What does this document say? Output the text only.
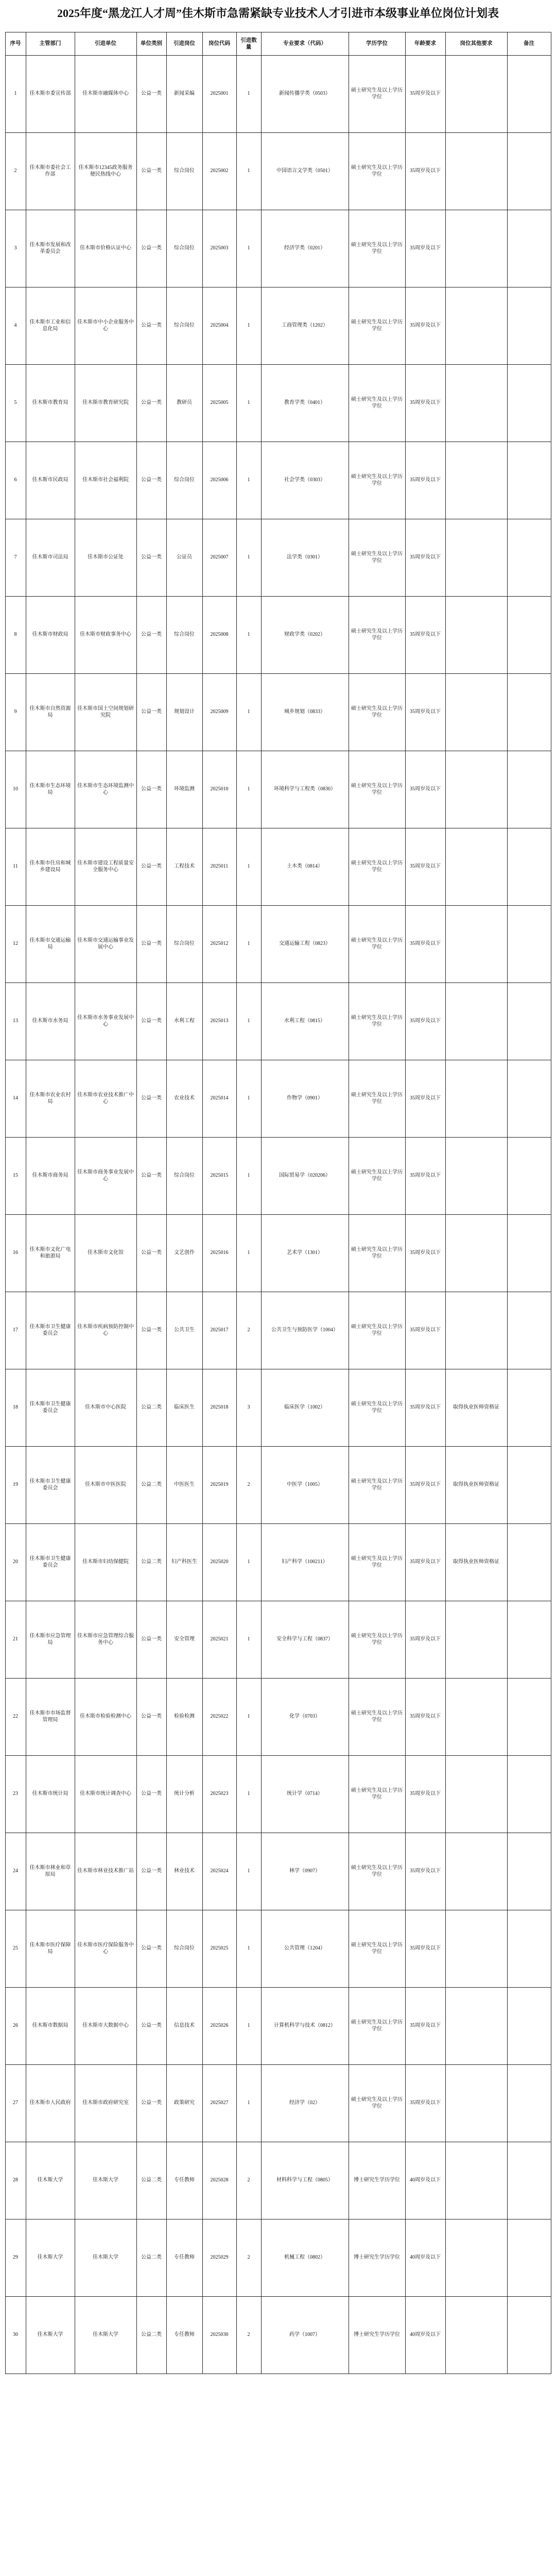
2025年度“黑龙江人才周”佳木斯市急需紧缺专业技术人才引进市本级事业单位岗位计划表
序号	主管部门	引进单位	单位类别	引进岗位	岗位代码	引进数量	专业要求（代码）	学历学位	年龄要求	岗位其他要求	备注
1	佳木斯市委宣传部	佳木斯市融媒体中心	公益一类	新闻采编	2025001	1	新闻传播学类（0503）	硕士研究生及以上学历学位	35周岁及以下		
2	佳木斯市委社会工作部	佳木斯市12345政务服务便民热线中心	公益一类	综合岗位	2025002	1	中国语言文学类（0501）	硕士研究生及以上学历学位	35周岁及以下		
3	佳木斯市发展和改革委员会	佳木斯市价格认证中心	公益一类	综合岗位	2025003	1	经济学类（0201）	硕士研究生及以上学历学位	35周岁及以下		
4	佳木斯市工业和信息化局	佳木斯市中小企业服务中心	公益一类	综合岗位	2025004	1	工商管理类（1202）	硕士研究生及以上学历学位	35周岁及以下		
5	佳木斯市教育局	佳木斯市教育研究院	公益一类	教研员	2025005	1	教育学类（0401）	硕士研究生及以上学历学位	35周岁及以下		
6	佳木斯市民政局	佳木斯市社会福利院	公益一类	综合岗位	2025006	1	社会学类（0303）	硕士研究生及以上学历学位	35周岁及以下		
7	佳木斯市司法局	佳木斯市公证处	公益一类	公证员	2025007	1	法学类（0301）	硕士研究生及以上学历学位	35周岁及以下		
8	佳木斯市财政局	佳木斯市财政事务中心	公益一类	综合岗位	2025008	1	财政学类（0202）	硕士研究生及以上学历学位	35周岁及以下		
9	佳木斯市自然资源局	佳木斯市国土空间规划研究院	公益一类	规划设计	2025009	1	城乡规划（0833）	硕士研究生及以上学历学位	35周岁及以下		
10	佳木斯市生态环境局	佳木斯市生态环境监测中心	公益一类	环境监测	2025010	1	环境科学与工程类（0830）	硕士研究生及以上学历学位	35周岁及以下		
11	佳木斯市住房和城乡建设局	佳木斯市建设工程质量安全服务中心	公益一类	工程技术	2025011	1	土木类（0814）	硕士研究生及以上学历学位	35周岁及以下		
12	佳木斯市交通运输局	佳木斯市交通运输事业发展中心	公益一类	综合岗位	2025012	1	交通运输工程（0823）	硕士研究生及以上学历学位	35周岁及以下		
13	佳木斯市水务局	佳木斯市水务事业发展中心	公益一类	水利工程	2025013	1	水利工程（0815）	硕士研究生及以上学历学位	35周岁及以下		
14	佳木斯市农业农村局	佳木斯市农业技术推广中心	公益一类	农业技术	2025014	1	作物学（0901）	硕士研究生及以上学历学位	35周岁及以下		
15	佳木斯市商务局	佳木斯市商务事业发展中心	公益一类	综合岗位	2025015	1	国际贸易学（020206）	硕士研究生及以上学历学位	35周岁及以下		
16	佳木斯市文化广电和旅游局	佳木斯市文化馆	公益一类	文艺创作	2025016	1	艺术学（1301）	硕士研究生及以上学历学位	35周岁及以下		
17	佳木斯市卫生健康委员会	佳木斯市疾病预防控制中心	公益一类	公共卫生	2025017	2	公共卫生与预防医学（1004）	硕士研究生及以上学历学位	35周岁及以下		
18	佳木斯市卫生健康委员会	佳木斯市中心医院	公益二类	临床医生	2025018	3	临床医学（1002）	硕士研究生及以上学历学位	35周岁及以下	取得执业医师资格证	
19	佳木斯市卫生健康委员会	佳木斯市中医医院	公益二类	中医医生	2025019	2	中医学（1005）	硕士研究生及以上学历学位	35周岁及以下	取得执业医师资格证	
20	佳木斯市卫生健康委员会	佳木斯市妇幼保健院	公益二类	妇产科医生	2025020	1	妇产科学（100211）	硕士研究生及以上学历学位	35周岁及以下	取得执业医师资格证	
21	佳木斯市应急管理局	佳木斯市应急管理综合服务中心	公益一类	安全管理	2025021	1	安全科学与工程（0837）	硕士研究生及以上学历学位	35周岁及以下		
22	佳木斯市市场监督管理局	佳木斯市检验检测中心	公益一类	检验检测	2025022	1	化学（0703）	硕士研究生及以上学历学位	35周岁及以下		
23	佳木斯市统计局	佳木斯市统计调查中心	公益一类	统计分析	2025023	1	统计学（0714）	硕士研究生及以上学历学位	35周岁及以下		
24	佳木斯市林业和草原局	佳木斯市林业技术推广站	公益一类	林业技术	2025024	1	林学（0907）	硕士研究生及以上学历学位	35周岁及以下		
25	佳木斯市医疗保障局	佳木斯市医疗保险服务中心	公益一类	综合岗位	2025025	1	公共管理（1204）	硕士研究生及以上学历学位	35周岁及以下		
26	佳木斯市数据局	佳木斯市大数据中心	公益一类	信息技术	2025026	1	计算机科学与技术（0812）	硕士研究生及以上学历学位	35周岁及以下		
27	佳木斯市人民政府	佳木斯市政府研究室	公益一类	政策研究	2025027	1	经济学（02）	硕士研究生及以上学历学位	35周岁及以下		
28	佳木斯大学	佳木斯大学	公益二类	专任教师	2025028	2	材料科学与工程（0805）	博士研究生学历学位	40周岁及以下		
29	佳木斯大学	佳木斯大学	公益二类	专任教师	2025029	2	机械工程（0802）	博士研究生学历学位	40周岁及以下		
30	佳木斯大学	佳木斯大学	公益二类	专任教师	2025030	2	药学（1007）	博士研究生学历学位	40周岁及以下		
